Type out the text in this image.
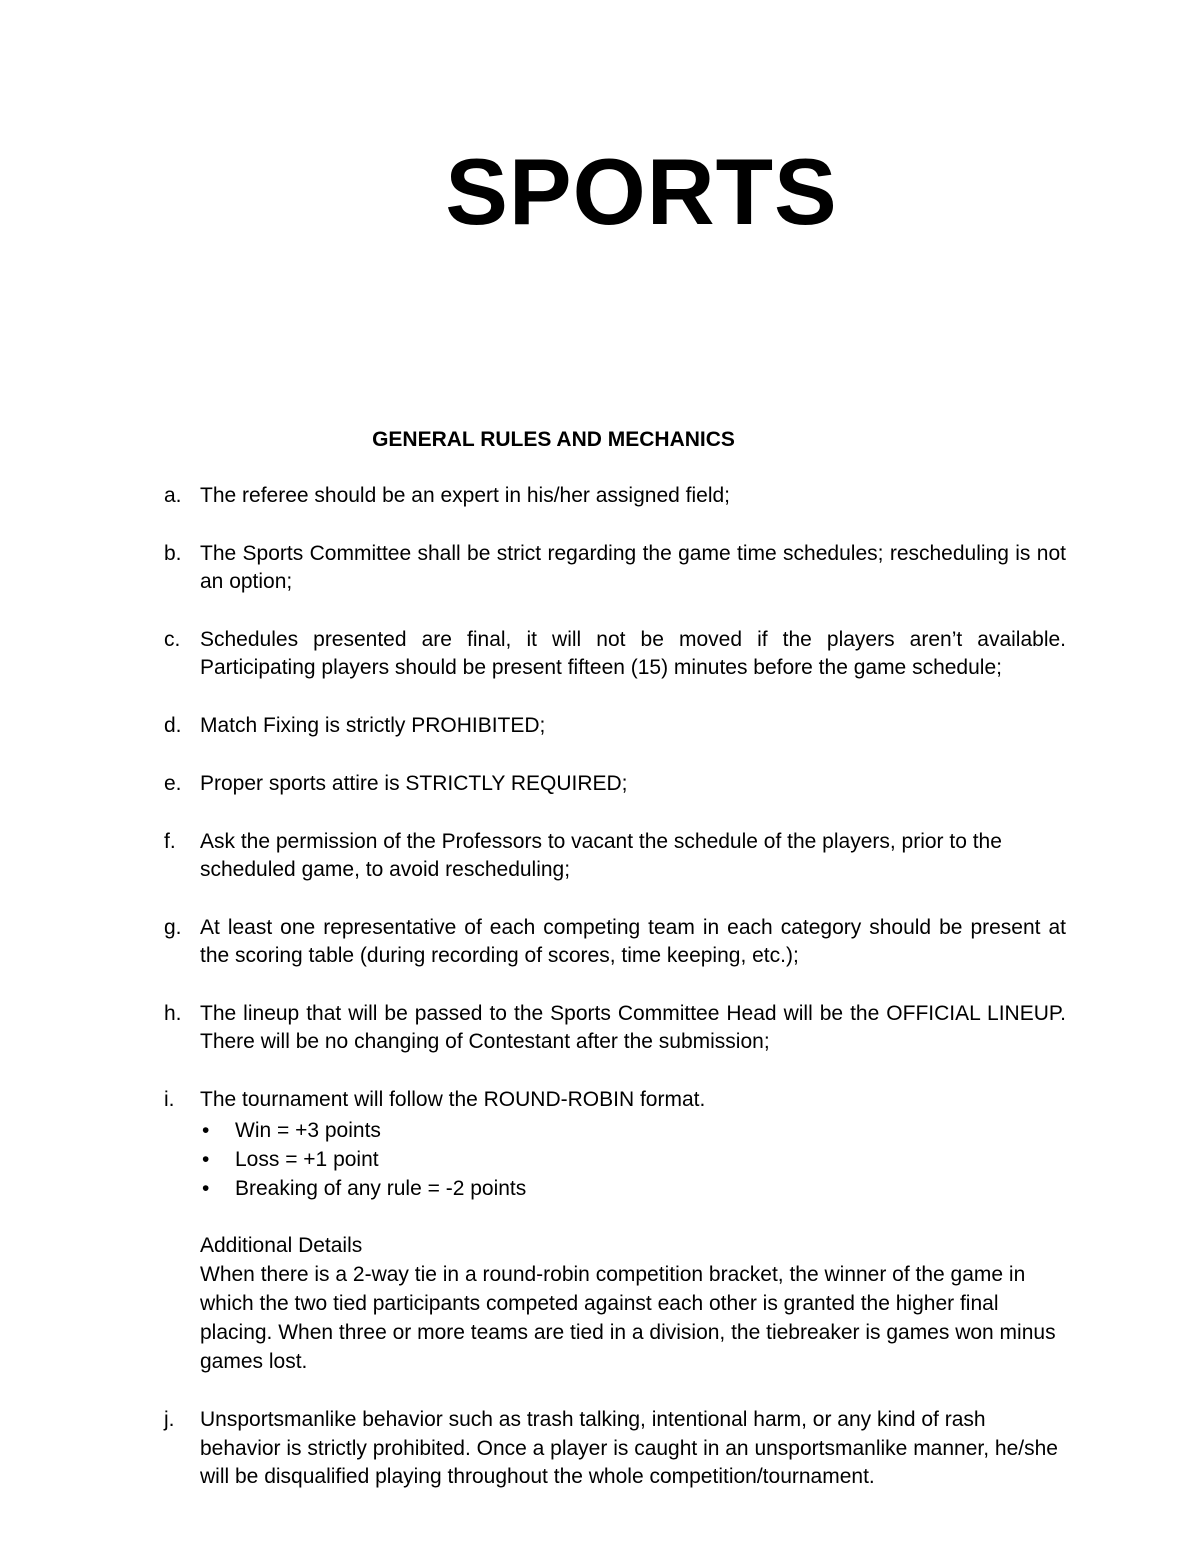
SPORTS
GENERAL RULES AND MECHANICS
a. The referee should be an expert in his/her assigned field;
b. The Sports Committee shall be strict regarding the game time schedules; rescheduling is not an option;
c. Schedules presented are final, it will not be moved if the players aren’t available. Participating players should be present fifteen (15) minutes before the game schedule;
d. Match Fixing is strictly PROHIBITED;
e. Proper sports attire is STRICTLY REQUIRED;
f. Ask the permission of the Professors to vacant the schedule of the players, prior to the scheduled game, to avoid rescheduling;
g. At least one representative of each competing team in each category should be present at the scoring table (during recording of scores, time keeping, etc.);
h. The lineup that will be passed to the Sports Committee Head will be the OFFICIAL LINEUP. There will be no changing of Contestant after the submission;
i. The tournament will follow the ROUND-ROBIN format.
• Win = +3 points
• Loss = +1 point
• Breaking of any rule = -2 points
Additional Details
When there is a 2-way tie in a round-robin competition bracket, the winner of the game in which the two tied participants competed against each other is granted the higher final placing. When three or more teams are tied in a division, the tiebreaker is games won minus games lost.
j. Unsportsmanlike behavior such as trash talking, intentional harm, or any kind of rash behavior is strictly prohibited. Once a player is caught in an unsportsmanlike manner, he/she will be disqualified playing throughout the whole competition/tournament.
